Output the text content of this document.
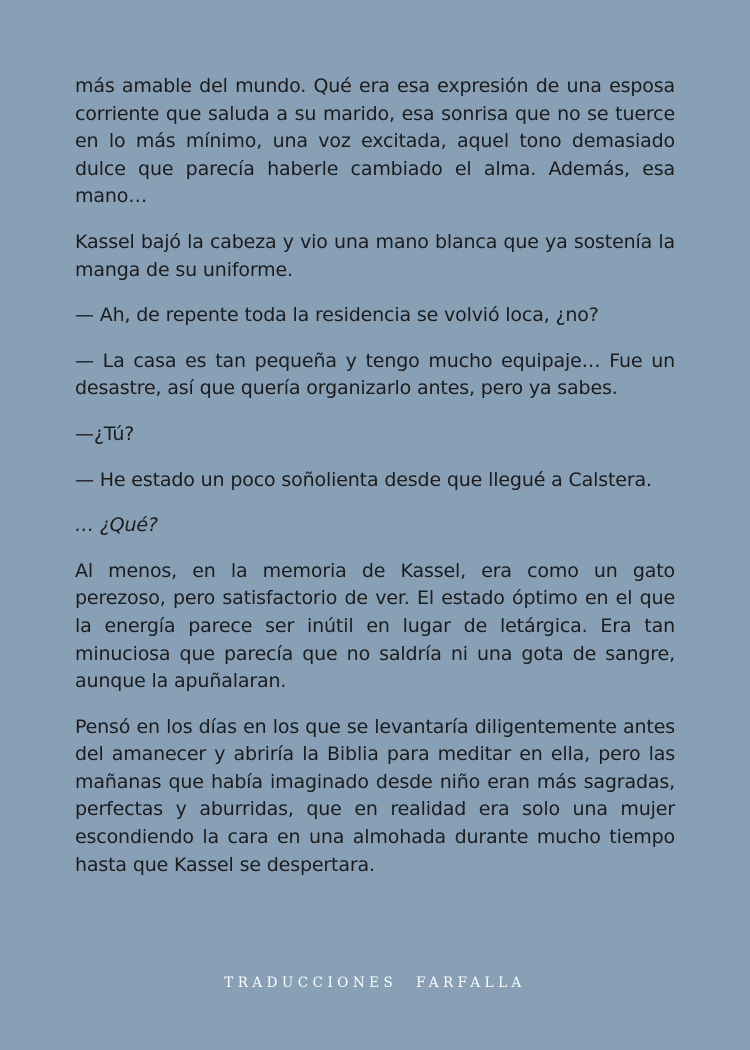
más amable del mundo. Qué era esa expresión de una esposa corriente que saluda a su marido, esa sonrisa que no se tuerce en lo más mínimo, una voz excitada, aquel tono demasiado dulce que parecía haberle cambiado el alma. Además, esa mano…

Kassel bajó la cabeza y vio una mano blanca que ya sostenía la manga de su uniforme.

— Ah, de repente toda la residencia se volvió loca, ¿no?

— La casa es tan pequeña y tengo mucho equipaje… Fue un desastre, así que quería organizarlo antes, pero ya sabes.

—¿Tú?

— He estado un poco soñolienta desde que llegué a Calstera.

… ¿Qué?

Al menos, en la memoria de Kassel, era como un gato perezoso, pero satisfactorio de ver. El estado óptimo en el que la energía parece ser inútil en lugar de letárgica. Era tan minuciosa que parecía que no saldría ni una gota de sangre, aunque la apuñalaran.

Pensó en los días en los que se levantaría diligentemente antes del amanecer y abriría la Biblia para meditar en ella, pero las mañanas que había imaginado desde niño eran más sagradas, perfectas y aburridas, que en realidad era solo una mujer escondiendo la cara en una almohada durante mucho tiempo hasta que Kassel se despertara.

TRADUCCIONES FARFALLA
